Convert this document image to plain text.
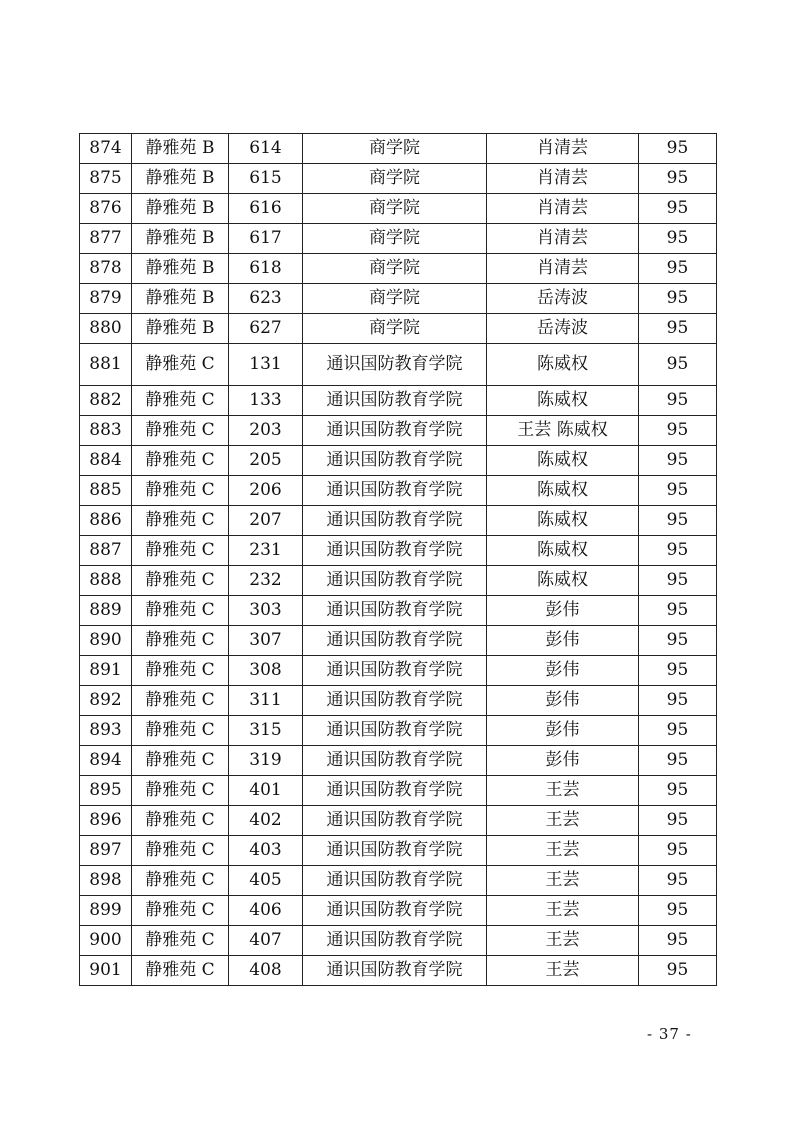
874	静雅苑 B	614	商学院	肖清芸	95
875	静雅苑 B	615	商学院	肖清芸	95
876	静雅苑 B	616	商学院	肖清芸	95
877	静雅苑 B	617	商学院	肖清芸	95
878	静雅苑 B	618	商学院	肖清芸	95
879	静雅苑 B	623	商学院	岳涛波	95
880	静雅苑 B	627	商学院	岳涛波	95
881	静雅苑 C	131	通识国防教育学院	陈威权	95
882	静雅苑 C	133	通识国防教育学院	陈威权	95
883	静雅苑 C	203	通识国防教育学院	王芸 陈威权	95
884	静雅苑 C	205	通识国防教育学院	陈威权	95
885	静雅苑 C	206	通识国防教育学院	陈威权	95
886	静雅苑 C	207	通识国防教育学院	陈威权	95
887	静雅苑 C	231	通识国防教育学院	陈威权	95
888	静雅苑 C	232	通识国防教育学院	陈威权	95
889	静雅苑 C	303	通识国防教育学院	彭伟	95
890	静雅苑 C	307	通识国防教育学院	彭伟	95
891	静雅苑 C	308	通识国防教育学院	彭伟	95
892	静雅苑 C	311	通识国防教育学院	彭伟	95
893	静雅苑 C	315	通识国防教育学院	彭伟	95
894	静雅苑 C	319	通识国防教育学院	彭伟	95
895	静雅苑 C	401	通识国防教育学院	王芸	95
896	静雅苑 C	402	通识国防教育学院	王芸	95
897	静雅苑 C	403	通识国防教育学院	王芸	95
898	静雅苑 C	405	通识国防教育学院	王芸	95
899	静雅苑 C	406	通识国防教育学院	王芸	95
900	静雅苑 C	407	通识国防教育学院	王芸	95
901	静雅苑 C	408	通识国防教育学院	王芸	95
- 37 -
